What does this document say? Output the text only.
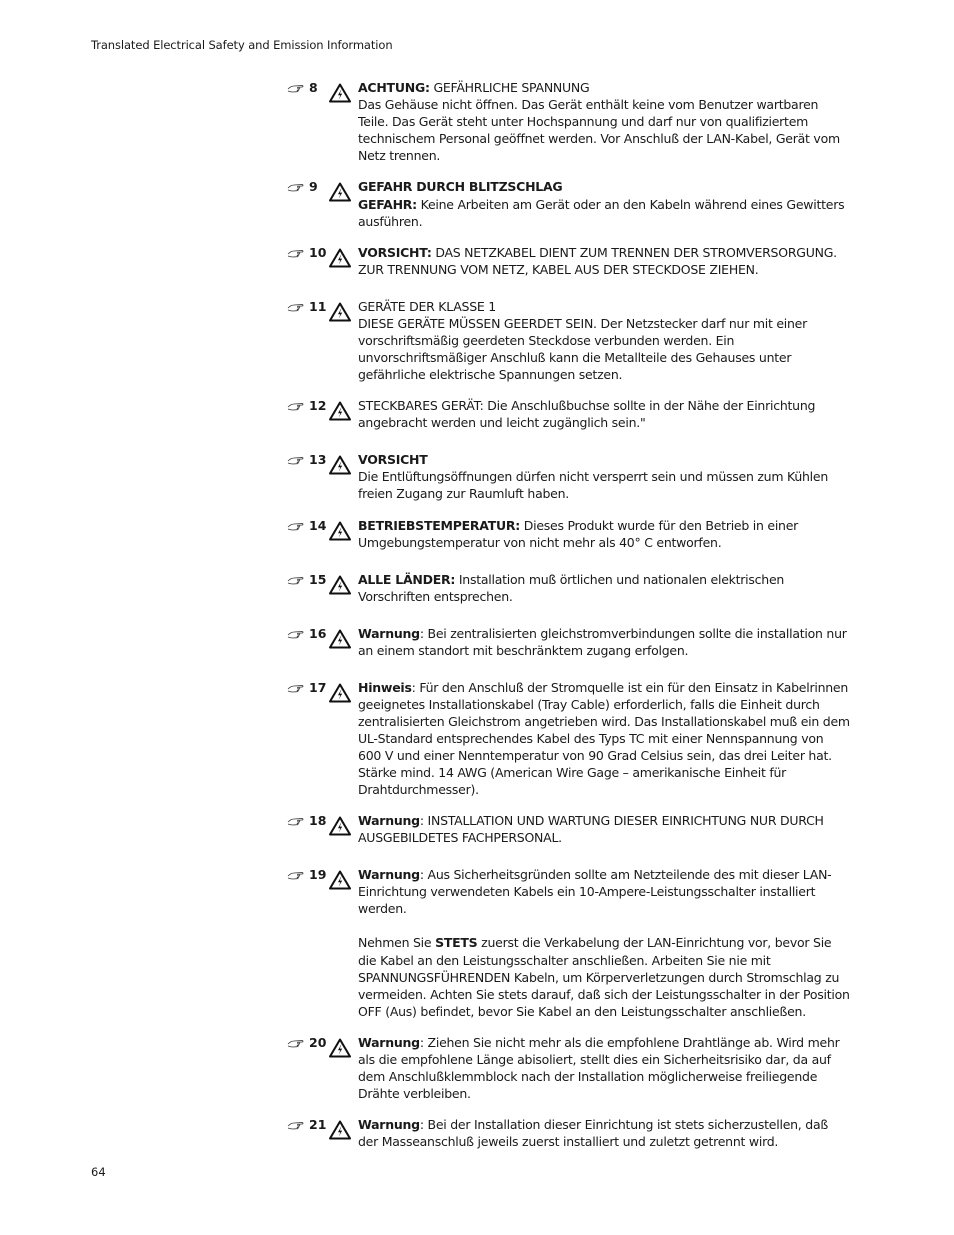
Translated Electrical Safety and Emission Information
8	ACHTUNG: GEFÄHRLICHE SPANNUNG
Das Gehäuse nicht öffnen. Das Gerät enthält keine vom Benutzer wartbaren Teile. Das Gerät steht unter Hochspannung und darf nur von qualifiziertem technischem Personal geöffnet werden. Vor Anschluß der LAN-Kabel, Gerät vom Netz trennen.

9	GEFAHR DURCH BLITZSCHLAG
GEFAHR: Keine Arbeiten am Gerät oder an den Kabeln während eines Gewitters ausführen.

10	VORSICHT: DAS NETZKABEL DIENT ZUM TRENNEN DER STROMVERSORGUNG. ZUR TRENNUNG VOM NETZ, KABEL AUS DER STECKDOSE ZIEHEN.

11	GERÄTE DER KLASSE 1
DIESE GERÄTE MÜSSEN GEERDET SEIN. Der Netzstecker darf nur mit einer vorschriftsmäßig geerdeten Steckdose verbunden werden. Ein unvorschriftsmäßiger Anschluß kann die Metallteile des Gehauses unter gefährliche elektrische Spannungen setzen.

12	STECKBARES GERÄT: Die Anschlußbuchse sollte in der Nähe der Einrichtung angebracht werden und leicht zugänglich sein."

13	VORSICHT
Die Entlüftungsöffnungen dürfen nicht versperrt sein und müssen zum Kühlen freien Zugang zur Raumluft haben.

14	BETRIEBSTEMPERATUR: Dieses Produkt wurde für den Betrieb in einer Umgebungstemperatur von nicht mehr als 40° C entworfen.

15	ALLE LÄNDER: Installation muß örtlichen und nationalen elektrischen Vorschriften entsprechen.

16	Warnung: Bei zentralisierten gleichstromverbindungen sollte die installation nur an einem standort mit beschränktem zugang erfolgen.

17	Hinweis: Für den Anschluß der Stromquelle ist ein für den Einsatz in Kabelrinnen geeignetes Installationskabel (Tray Cable) erforderlich, falls die Einheit durch zentralisierten Gleichstrom angetrieben wird. Das Installationskabel muß ein dem UL-Standard entsprechendes Kabel des Typs TC mit einer Nennspannung von 600 V und einer Nenntemperatur von 90 Grad Celsius sein, das drei Leiter hat. Stärke mind. 14 AWG (American Wire Gage – amerikanische Einheit für Drahtdurchmesser).

18	Warnung: INSTALLATION UND WARTUNG DIESER EINRICHTUNG NUR DURCH AUSGEBILDETES FACHPERSONAL.

19	Warnung: Aus Sicherheitsgründen sollte am Netzteilende des mit dieser LAN-Einrichtung verwendeten Kabels ein 10-Ampere-Leistungsschalter installiert werden.

Nehmen Sie STETS zuerst die Verkabelung der LAN-Einrichtung vor, bevor Sie die Kabel an den Leistungsschalter anschließen. Arbeiten Sie nie mit SPANNUNGSFÜHRENDEN Kabeln, um Körperverletzungen durch Stromschlag zu vermeiden. Achten Sie stets darauf, daß sich der Leistungsschalter in der Position OFF (Aus) befindet, bevor Sie Kabel an den Leistungsschalter anschließen.

20	Warnung: Ziehen Sie nicht mehr als die empfohlene Drahtlänge ab. Wird mehr als die empfohlene Länge abisoliert, stellt dies ein Sicherheitsrisiko dar, da auf dem Anschlußklemmblock nach der Installation möglicherweise freiliegende Drähte verbleiben.

21	Warnung: Bei der Installation dieser Einrichtung ist stets sicherzustellen, daß der Masseanschluß jeweils zuerst installiert und zuletzt getrennt wird.

64
